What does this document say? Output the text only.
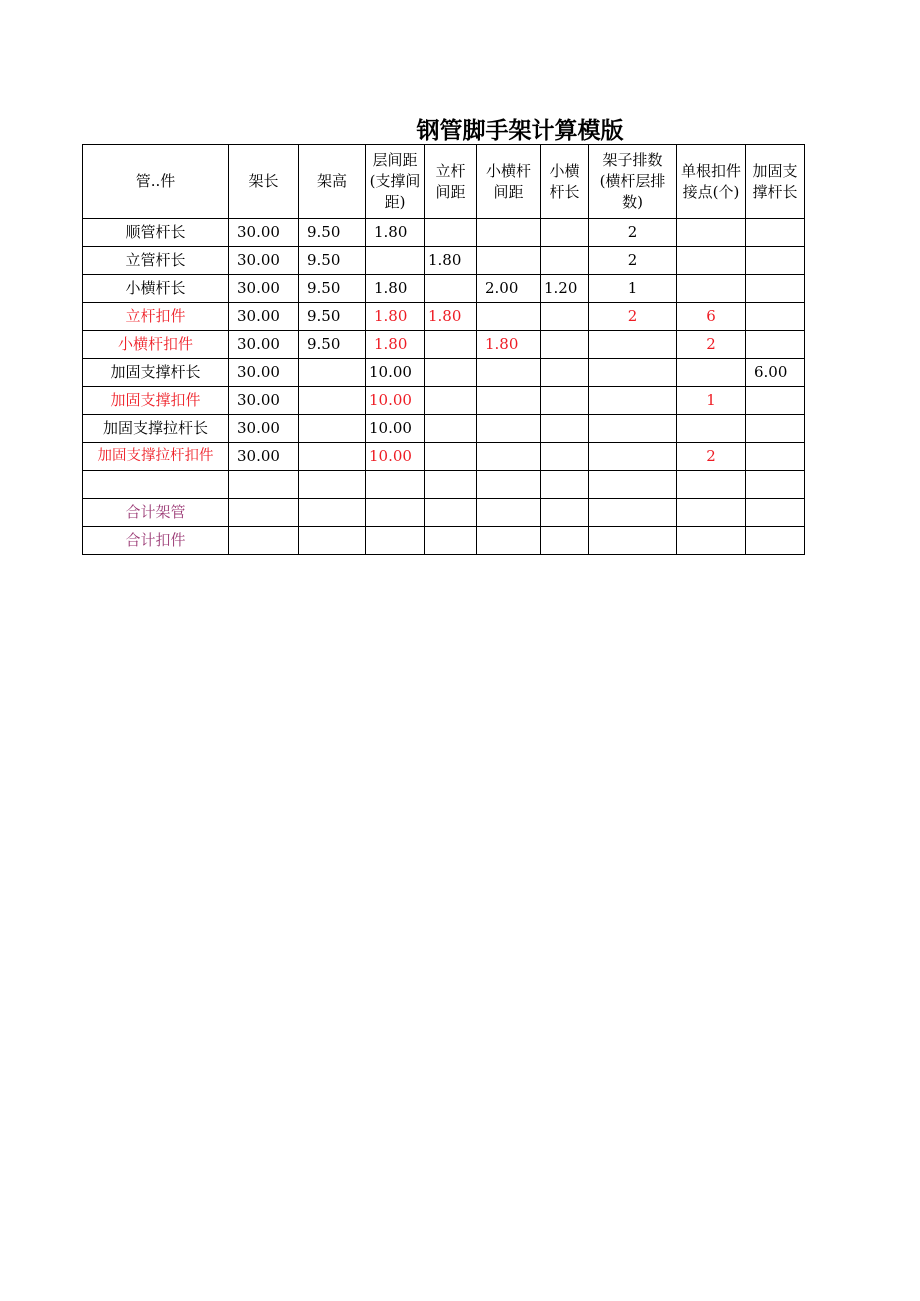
钢管脚手架计算模版
管..件	架长	架高	层间距(支撑间距)	立杆间距	小横杆间距	小横杆长	架子排数(横杆层排数)	单根扣件接点(个)	加固支撑杆长
顺管杆长	30.00	9.50	1.80				2		
立管杆长	30.00	9.50		1.80			2		
小横杆长	30.00	9.50	1.80		2.00	1.20	1		
立杆扣件	30.00	9.50	1.80	1.80			2	6	
小横杆扣件	30.00	9.50	1.80		1.80			2	
加固支撑杆长	30.00		10.00						6.00
加固支撑扣件	30.00		10.00					1	
加固支撑拉杆长	30.00		10.00						
加固支撑拉杆扣件	30.00		10.00					2	

合计架管									
合计扣件									
